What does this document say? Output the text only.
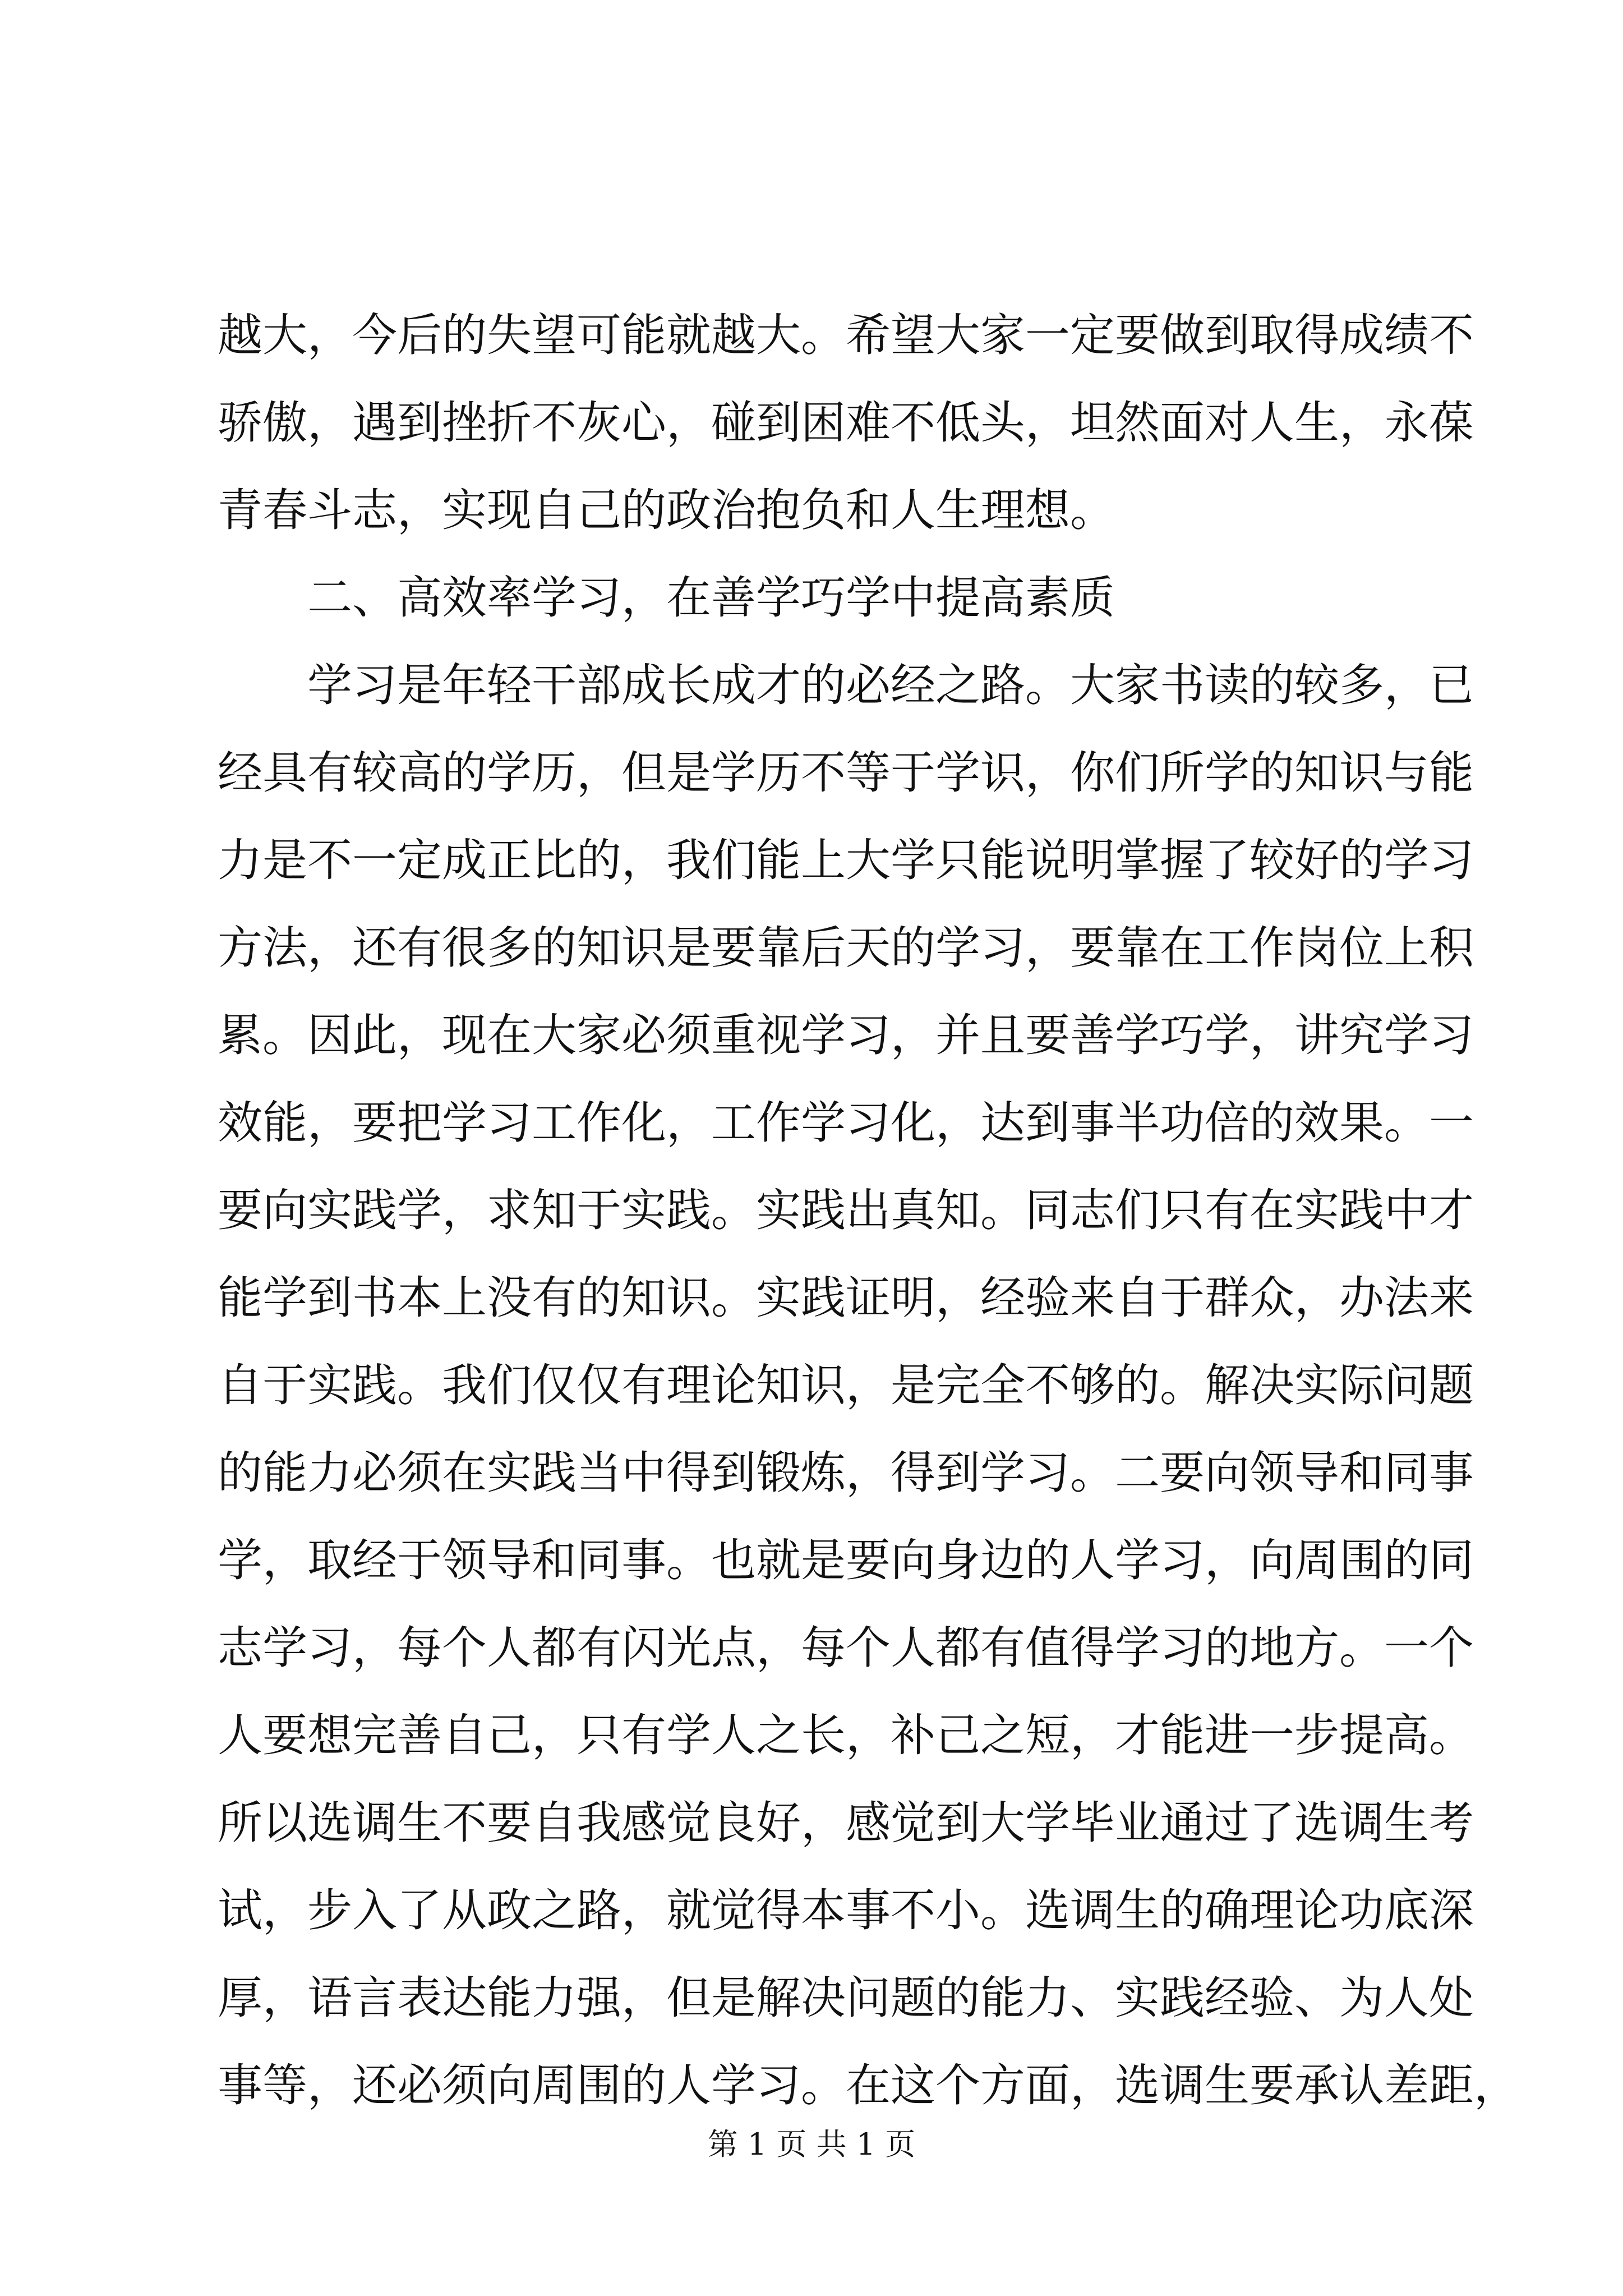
越大，今后的失望可能就越大。希望大家一定要做到取得成绩不
骄傲，遇到挫折不灰心，碰到困难不低头，坦然面对人生，永葆
青春斗志，实现自己的政治抱负和人生理想。
二、高效率学习，在善学巧学中提高素质
学习是年轻干部成长成才的必经之路。大家书读的较多，已
经具有较高的学历，但是学历不等于学识，你们所学的知识与能
力是不一定成正比的，我们能上大学只能说明掌握了较好的学习
方法，还有很多的知识是要靠后天的学习，要靠在工作岗位上积
累。因此，现在大家必须重视学习，并且要善学巧学，讲究学习
效能，要把学习工作化，工作学习化，达到事半功倍的效果。一
要向实践学，求知于实践。实践出真知。同志们只有在实践中才
能学到书本上没有的知识。实践证明，经验来自于群众，办法来
自于实践。我们仅仅有理论知识，是完全不够的。解决实际问题
的能力必须在实践当中得到锻炼，得到学习。二要向领导和同事
学，取经于领导和同事。也就是要向身边的人学习，向周围的同
志学习，每个人都有闪光点，每个人都有值得学习的地方。一个
人要想完善自己，只有学人之长，补己之短，才能进一步提高。
所以选调生不要自我感觉良好，感觉到大学毕业通过了选调生考
试，步入了从政之路，就觉得本事不小。选调生的确理论功底深
厚，语言表达能力强，但是解决问题的能力、实践经验、为人处
事等，还必须向周围的人学习。在这个方面，选调生要承认差距，
第 1 页 共 1 页
